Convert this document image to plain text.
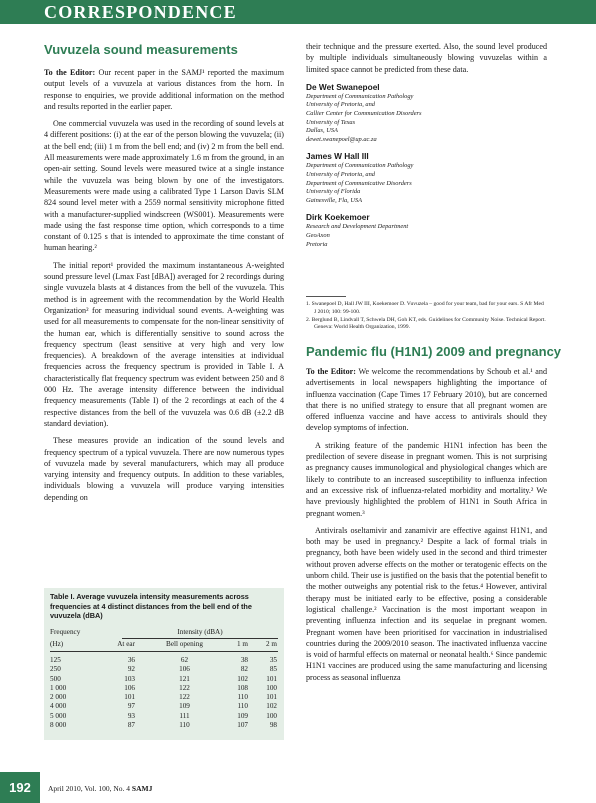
CORRESPONDENCE
Vuvuzela sound measurements

To the Editor: Our recent paper in the SAMJ¹ reported the maximum output levels of a vuvuzela at various distances from the horn. In response to enquiries, we provide additional information on the method and results reported in the earlier paper.

One commercial vuvuzela was used in the recording of sound levels at 4 different positions: (i) at the ear of the person blowing the vuvuzela; (ii) at the bell end; (iii) 1 m from the bell end; and (iv) 2 m from the bell end. All measurements were made approximately 1.6 m from the ground, in an open-air setting. Sound levels were measured twice at a single instance while the vuvuzela was being blown by one of the investigators. Measurements were made using a calibrated Type 1 Larson Davis SLM 824 sound level meter with a 2559 normal sensitivity microphone fitted with a manufacturer-supplied windscreen (WS001). Measurements were made using the fast response time option, which corresponds to a time constant of 0.125 s that is intended to approximate the time constant of human hearing.²

The initial report¹ provided the maximum instantaneous A-weighted sound pressure level (Lmax Fast [dBA]) averaged for 2 recordings during single vuvuzela blasts at 4 distances from the bell of the vuvuzela. This method is in agreement with the recommendation by the World Health Organization² for measuring individual sound events. A-weighting was used for all measurements to compensate for the non-linear sensitivity of the human ear, which is differentially sensitive to sound across the frequency spectrum (least sensitive at very high and very low frequencies). A breakdown of the average intensities at individual frequencies across the frequency spectrum is provided in Table I. A characteristically flat frequency spectrum was evident between 250 and 8 000 Hz. The average intensity difference between the individual frequency measurements (Table I) of the 2 recordings at each of the 4 respective distances from the bell of the vuvuzela was 0.6 dB (±2.2 dB standard deviation).

These measures provide an indication of the sound levels and frequency spectrum of a typical vuvuzela. There are now numerous types of vuvuzela made by several manufacturers, which may all produce varying intensity and frequency outputs. In addition to these variables, individuals blowing a vuvuzela will produce varying intensities depending on

Table I. Average vuvuzela intensity measurements across frequencies at 4 distinct distances from the bell end of the vuvuzela (dBA)
Frequency	Intensity (dBA)
(Hz)	At ear	Bell opening	1 m	2 m
125	36	62	38	35
250	92	106	82	85
500	103	121	102	101
1 000	106	122	108	100
2 000	101	122	110	101
4 000	97	109	110	102
5 000	93	111	109	100
8 000	87	110	107	98

their technique and the pressure exerted. Also, the sound level produced by multiple individuals simultaneously blowing vuvuzelas within a limited space cannot be predicted from these data.

De Wet Swanepoel
Department of Communication Pathology
University of Pretoria, and
Callier Center for Communication Disorders
University of Texas
Dallas, USA
dewet.swanepoel@up.ac.za
James W Hall III
Department of Communication Pathology
University of Pretoria, and
Department of Communicative Disorders
University of Florida
Gainesville, Fla, USA
Dirk Koekemoer
Research and Development Department
GeoAxon
Pretoria
1. Swanepoel D, Hall JW III, Koekemoer D. Vuvuzela – good for your team, bad for your ears. S Afr Med J 2010; 100: 99-100.
2. Berglund B, Lindvall T, Schwela DH, Goh KT, eds. Guidelines for Community Noise. Technical Report. Geneva: World Health Organization, 1999.
Pandemic flu (H1N1) 2009 and pregnancy

To the Editor: We welcome the recommendations by Schoub et al.¹ and advertisements in local newspapers highlighting the importance of influenza vaccination (Cape Times 17 February 2010), but are concerned that there is no unified strategy to ensure that all pregnant women are offered influenza vaccine and have access to antivirals should they develop symptoms of infection.

A striking feature of the pandemic H1N1 infection has been the predilection of severe disease in pregnant women. This is not surprising as pregnancy causes immunological and physiological changes which are likely to contribute to an increased susceptibility to influenza infection and an excessive risk of influenza-related morbidity and mortality.² We have previously highlighted the problem of H1N1 in South Africa in pregnant women.³

Antivirals oseltamivir and zanamivir are effective against H1N1, and both may be used in pregnancy.² Despite a lack of formal trials in pregnancy, both have been widely used in the second and third trimester without proven adverse effects on the mother or teratogenic effects on the unborn child. Their use is justified on the basis that the potential benefit to the mother outweighs any potential risk to the fetus.⁴ However, antiviral therapy must be initiated early to be effective, posing a considerable logistical challenge.² Vaccination is the most important weapon in preventing influenza infection and its sequelae in pregnant women. Pregnant women have been prioritised for vaccination in industrialised countries during the 2009/2010 season. The inactivated influenza vaccine is void of harmful effects on maternal or neonatal health.⁶ Since pandemic H1N1 vaccines are produced using the same manufacturing and licensing process as seasonal influenza

192	April 2010, Vol. 100, No. 4 SAMJ
